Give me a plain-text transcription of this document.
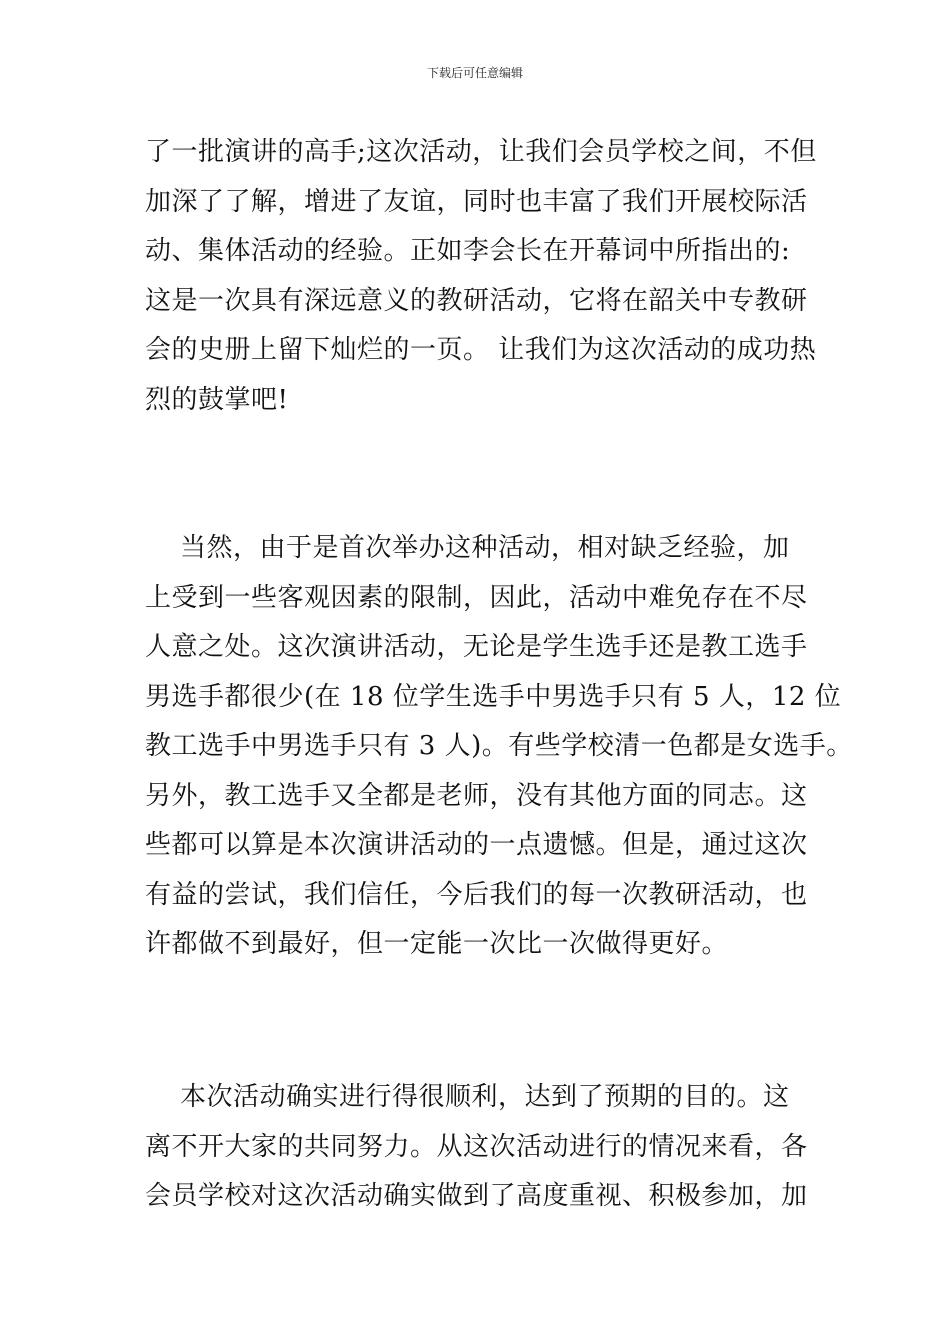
下载后可任意编辑
了一批演讲的高手;这次活动，让我们会员学校之间，不但
加深了了解，增进了友谊，同时也丰富了我们开展校际活
动、集体活动的经验。正如李会长在开幕词中所指出的:
这是一次具有深远意义的教研活动，它将在韶关中专教研
会的史册上留下灿烂的一页。 让我们为这次活动的成功热
烈的鼓掌吧!
当然，由于是首次举办这种活动，相对缺乏经验，加
上受到一些客观因素的限制，因此，活动中难免存在不尽
人意之处。这次演讲活动，无论是学生选手还是教工选手
男选手都很少(在 18 位学生选手中男选手只有 5 人，12 位
教工选手中男选手只有 3 人)。有些学校清一色都是女选手。
另外，教工选手又全都是老师，没有其他方面的同志。这
些都可以算是本次演讲活动的一点遗憾。但是，通过这次
有益的尝试，我们信任，今后我们的每一次教研活动，也
许都做不到最好，但一定能一次比一次做得更好。
本次活动确实进行得很顺利，达到了预期的目的。这
离不开大家的共同努力。从这次活动进行的情况来看，各
会员学校对这次活动确实做到了高度重视、积极参加，加
